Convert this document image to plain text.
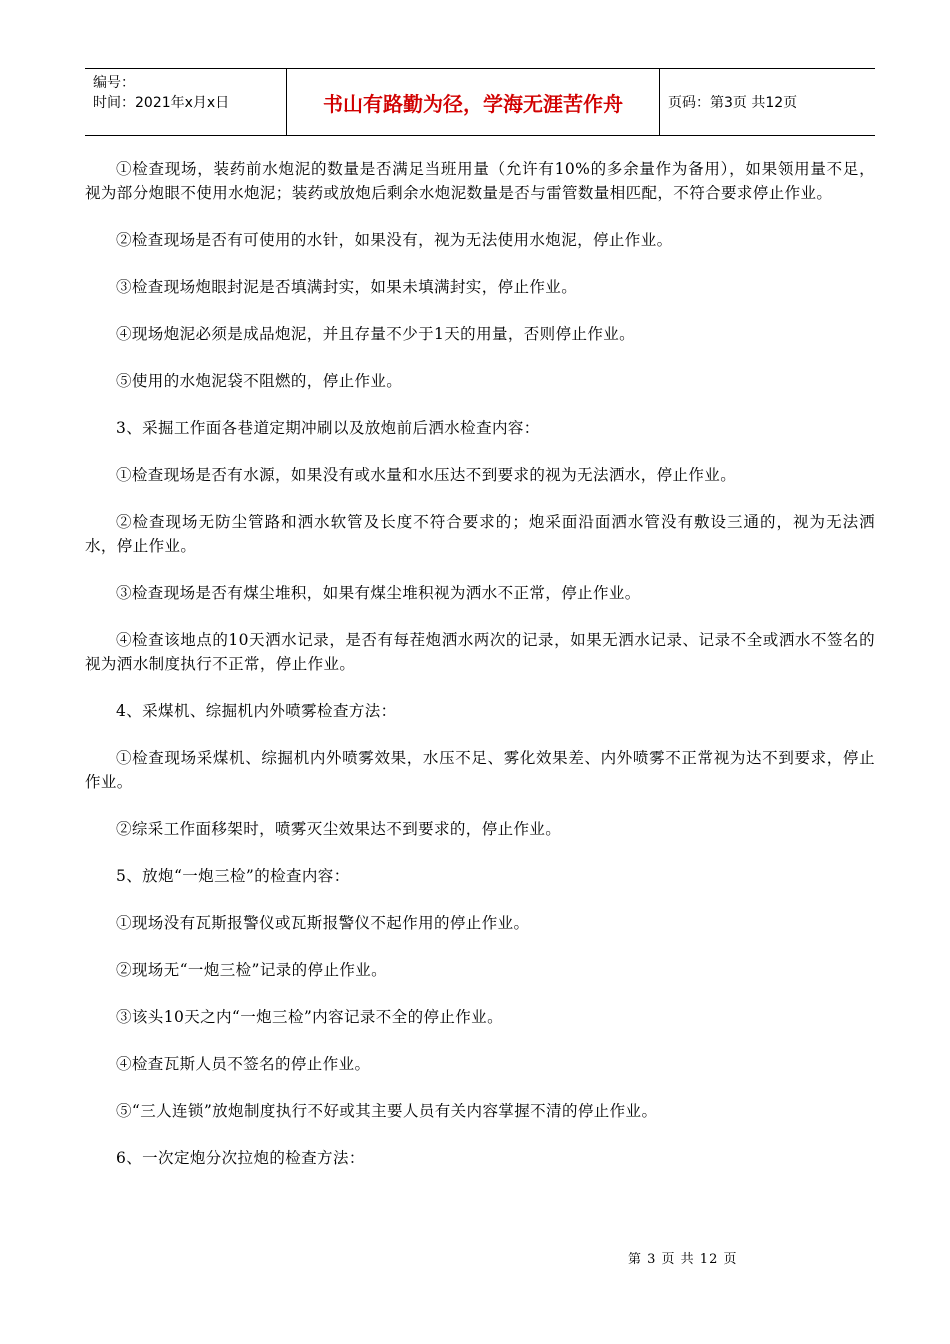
编号：
时间：2021年x月x日	书山有路勤为径，学海无涯苦作舟	页码：第3页 共12页

①检查现场，装药前水炮泥的数量是否满足当班用量（允许有10%的多余量作为备用），如果领用量不足，视为部分炮眼不使用水炮泥；装药或放炮后剩余水炮泥数量是否与雷管数量相匹配，不符合要求停止作业。

②检查现场是否有可使用的水针，如果没有，视为无法使用水炮泥，停止作业。

③检查现场炮眼封泥是否填满封实，如果未填满封实，停止作业。

④现场炮泥必须是成品炮泥，并且存量不少于1天的用量，否则停止作业。

⑤使用的水炮泥袋不阻燃的，停止作业。

3、采掘工作面各巷道定期冲刷以及放炮前后洒水检查内容：

①检查现场是否有水源，如果没有或水量和水压达不到要求的视为无法洒水，停止作业。

②检查现场无防尘管路和洒水软管及长度不符合要求的；炮采面沿面洒水管没有敷设三通的，视为无法洒水，停止作业。

③检查现场是否有煤尘堆积，如果有煤尘堆积视为洒水不正常，停止作业。

④检查该地点的10天洒水记录，是否有每茬炮洒水两次的记录，如果无洒水记录、记录不全或洒水不签名的视为洒水制度执行不正常，停止作业。

4、采煤机、综掘机内外喷雾检查方法：

①检查现场采煤机、综掘机内外喷雾效果，水压不足、雾化效果差、内外喷雾不正常视为达不到要求，停止作业。

②综采工作面移架时，喷雾灭尘效果达不到要求的，停止作业。

5、放炮“一炮三检”的检查内容：

①现场没有瓦斯报警仪或瓦斯报警仪不起作用的停止作业。

②现场无“一炮三检”记录的停止作业。

③该头10天之内“一炮三检”内容记录不全的停止作业。

④检查瓦斯人员不签名的停止作业。

⑤“三人连锁”放炮制度执行不好或其主要人员有关内容掌握不清的停止作业。

6、一次定炮分次拉炮的检查方法：

第 3 页 共 12 页
